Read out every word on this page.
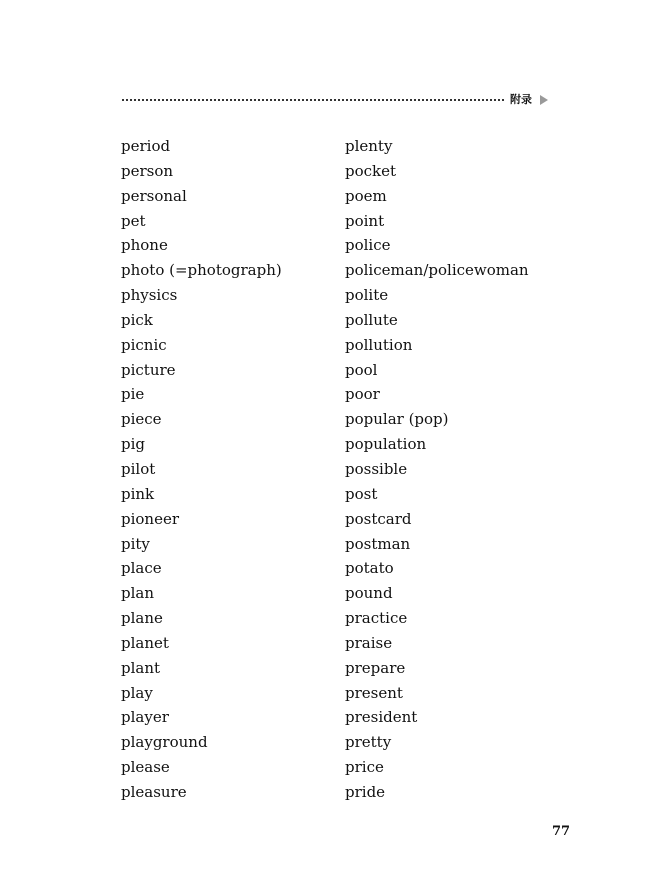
附录
period
person
personal
pet
phone
photo (=photograph)
physics
pick
picnic
picture
pie
piece
pig
pilot
pink
pioneer
pity
place
plan
plane
planet
plant
play
player
playground
please
pleasure
plenty
pocket
poem
point
police
policeman/policewoman
polite
pollute
pollution
pool
poor
popular (pop)
population
possible
post
postcard
postman
potato
pound
practice
praise
prepare
present
president
pretty
price
pride
77
